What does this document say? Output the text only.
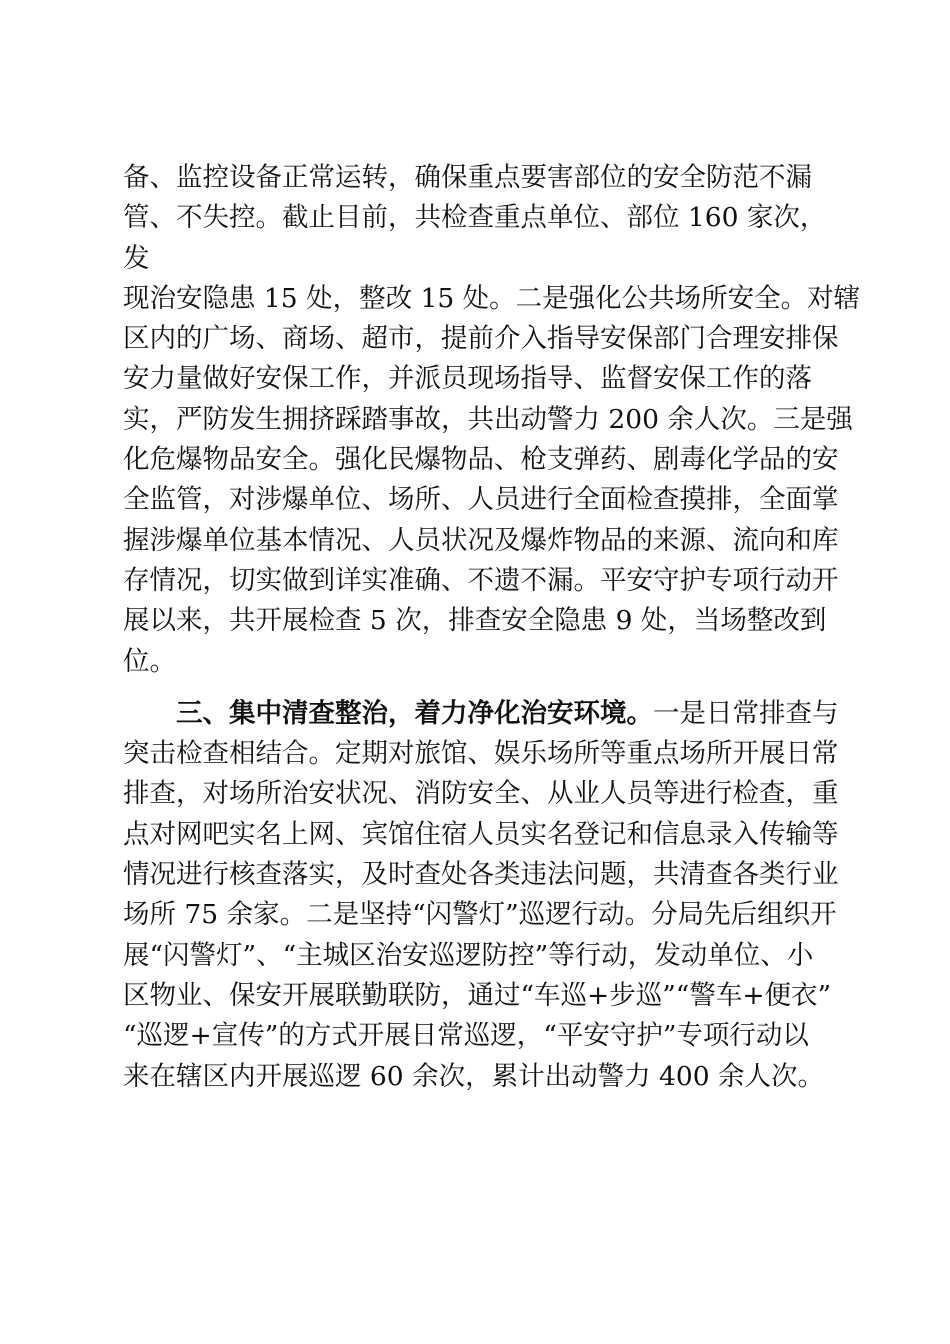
备、监控设备正常运转，确保重点要害部位的安全防范不漏
管、不失控。截止目前，共检查重点单位、部位 160 家次，
发
现治安隐患 15 处，整改 15 处。二是强化公共场所安全。对辖
区内的广场、商场、超市，提前介入指导安保部门合理安排保
安力量做好安保工作，并派员现场指导、监督安保工作的落
实，严防发生拥挤踩踏事故，共出动警力 200 余人次。三是强
化危爆物品安全。强化民爆物品、枪支弹药、剧毒化学品的安
全监管，对涉爆单位、场所、人员进行全面检查摸排，全面掌
握涉爆单位基本情况、人员状况及爆炸物品的来源、流向和库
存情况，切实做到详实准确、不遗不漏。平安守护专项行动开
展以来，共开展检查 5 次，排查安全隐患 9 处，当场整改到
位。
三、集中清查整治，着力净化治安环境。一是日常排查与
突击检查相结合。定期对旅馆、娱乐场所等重点场所开展日常
排查，对场所治安状况、消防安全、从业人员等进行检查，重
点对网吧实名上网、宾馆住宿人员实名登记和信息录入传输等
情况进行核查落实，及时查处各类违法问题，共清查各类行业
场所 75 余家。二是坚持“闪警灯”巡逻行动。分局先后组织开
展“闪警灯”、“主城区治安巡逻防控”等行动，发动单位、小
区物业、保安开展联勤联防，通过“车巡+步巡”“警车+便衣”
“巡逻+宣传”的方式开展日常巡逻，“平安守护”专项行动以
来在辖区内开展巡逻 60 余次，累计出动警力 400 余人次。
